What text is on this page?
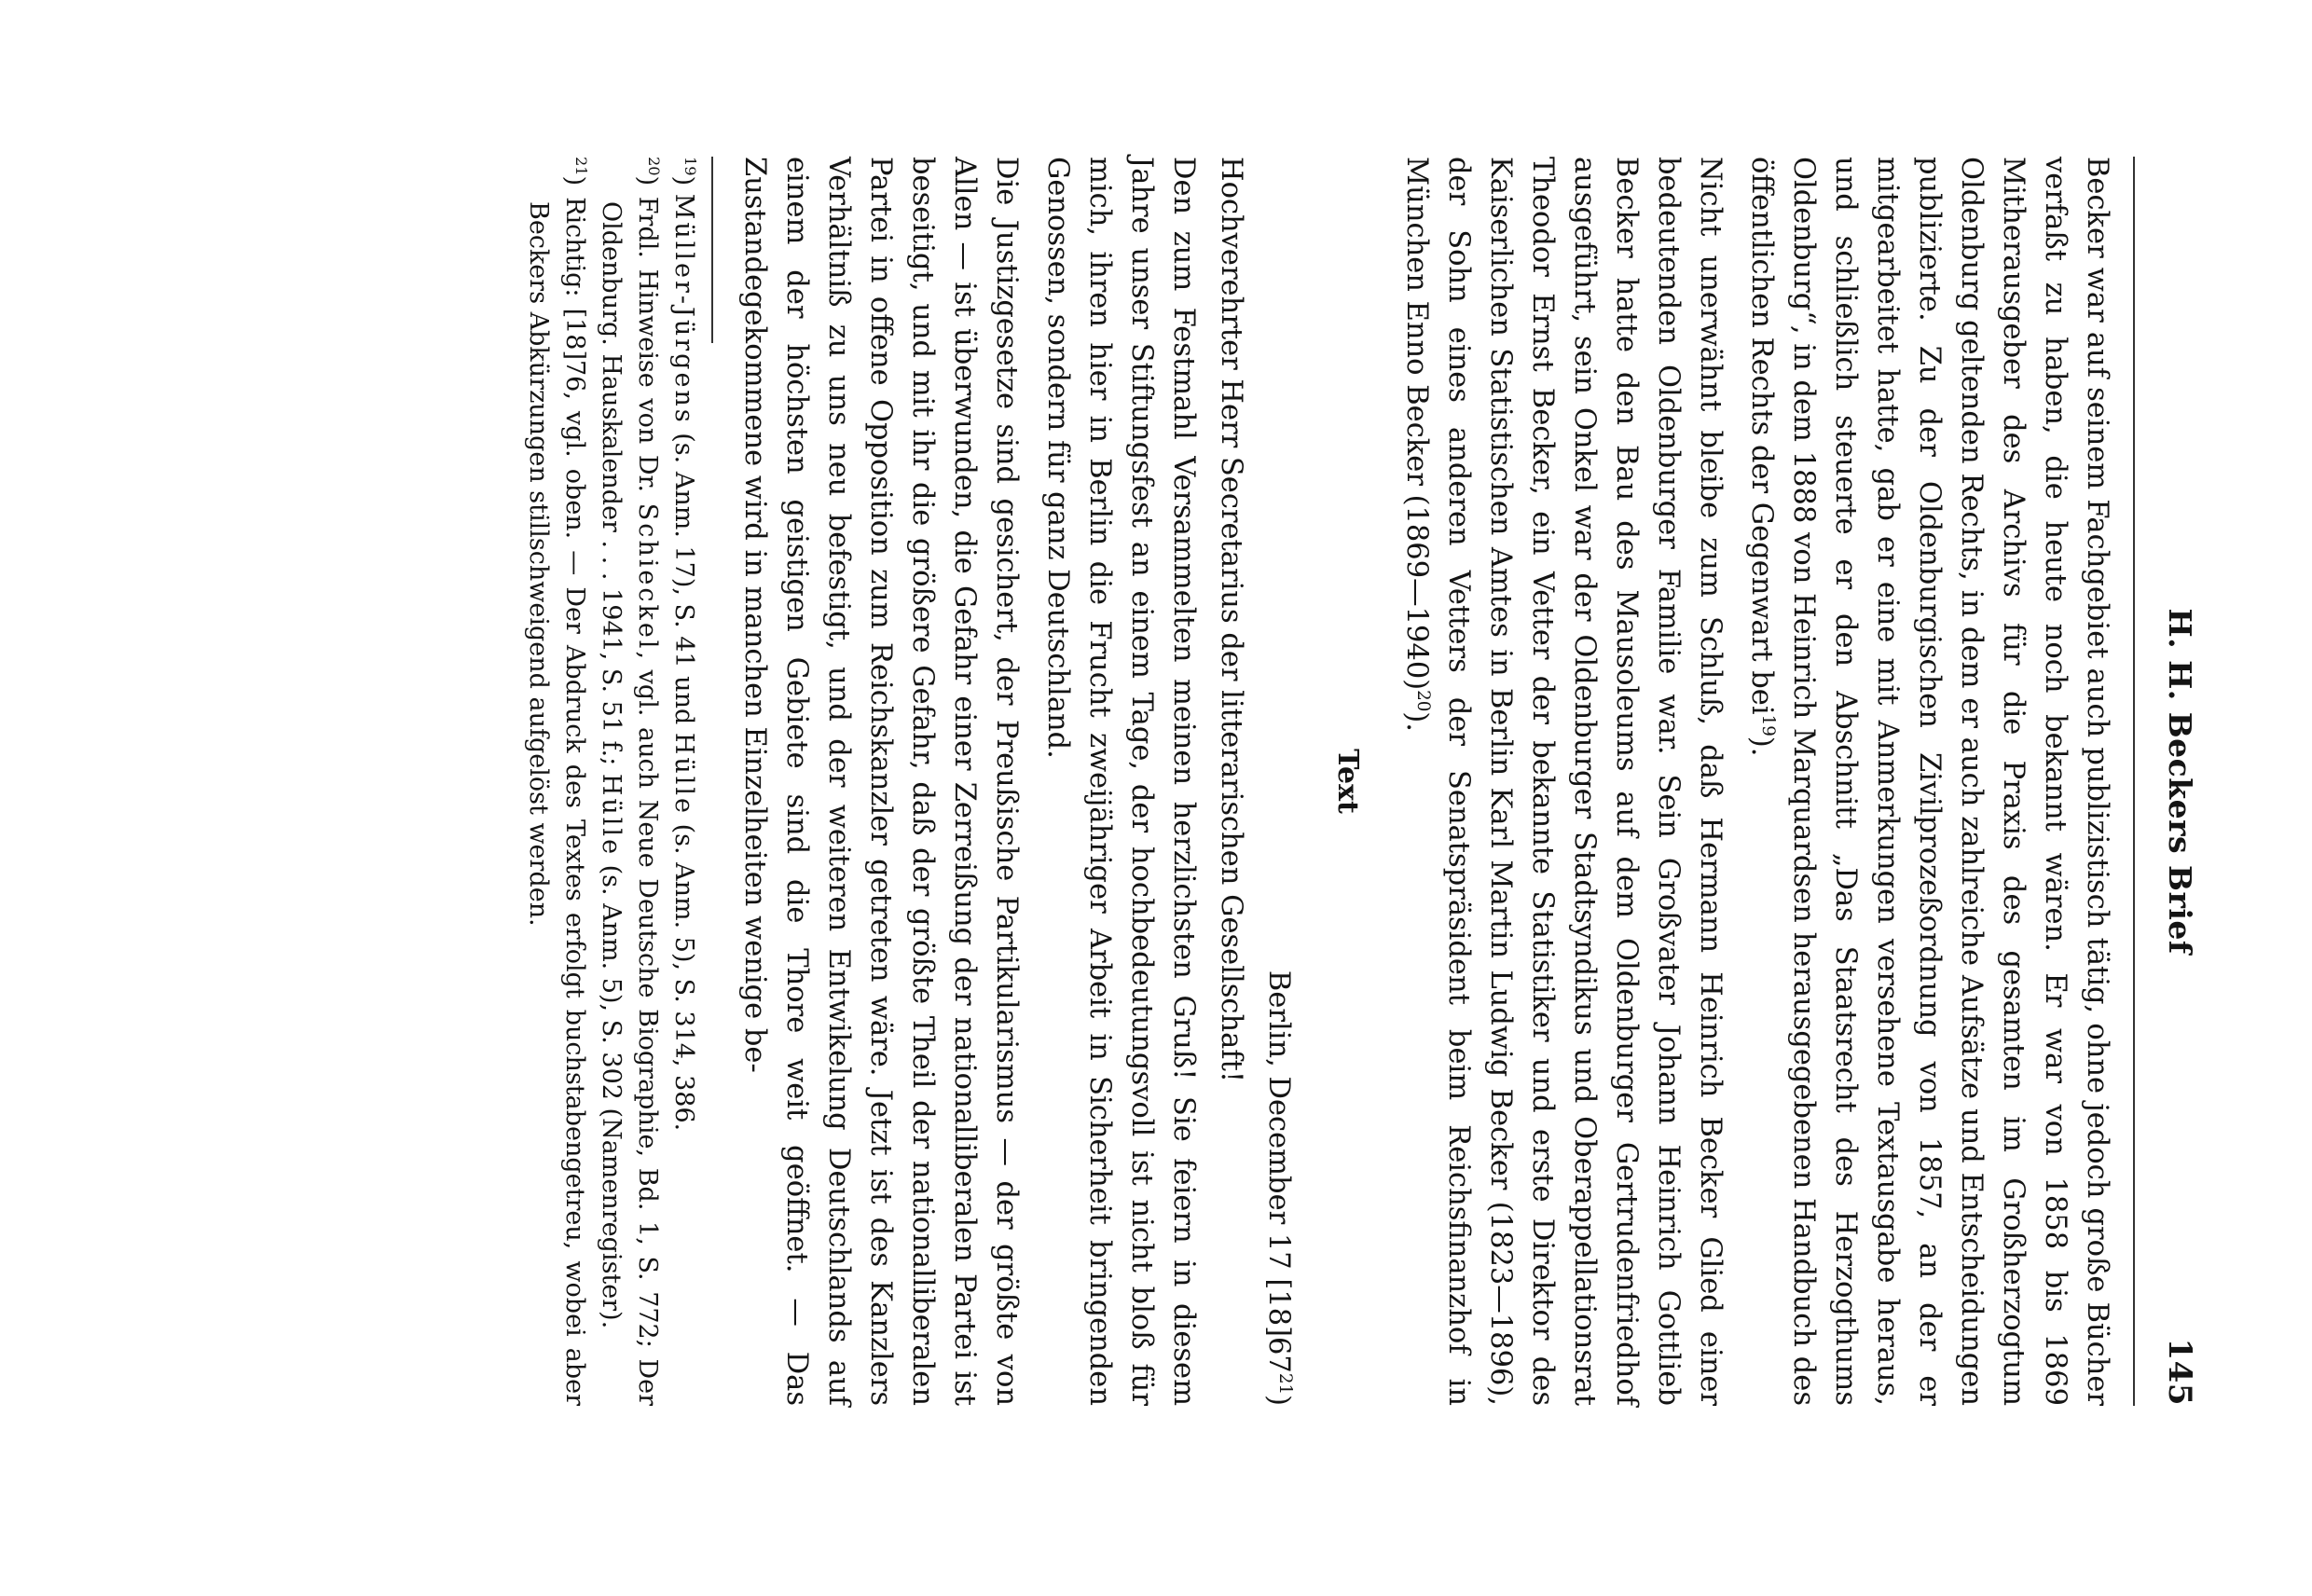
H. H. Beckers Brief
145

Becker war auf seinem Fachgebiet auch publizistisch tätig, ohne jedoch große Bücher verfaßt zu haben, die heute noch bekannt wären. Er war von 1858 bis 1869 Mitherausgeber des Archivs für die Praxis des gesamten im Großherzogtum Oldenburg geltenden Rechts, in dem er auch zahlreiche Aufsätze und Entscheidungen publizierte. Zu der Oldenburgischen Zivilprozeßordnung von 1857, an der er mitgearbeitet hatte, gab er eine mit Anmerkungen versehene Textausgabe heraus, und schließlich steuerte er den Abschnitt „Das Staatsrecht des Herzogthums Oldenburg“, in dem 1888 von Heinrich Marquardsen herausgegebenen Handbuch des öffentlichen Rechts der Gegenwart bei$^{19}$).

Nicht unerwähnt bleibe zum Schluß, daß Hermann Heinrich Becker Glied einer bedeutenden Oldenburger Familie war. Sein Großvater Johann Heinrich Gottlieb Becker hatte den Bau des Mausoleums auf dem Oldenburger Gertrudenfriedhof ausgeführt, sein Onkel war der Oldenburger Stadtsyndikus und Oberappellationsrat Theodor Ernst Becker, ein Vetter der bekannte Statistiker und erste Direktor des Kaiserlichen Statistischen Amtes in Berlin Karl Martin Ludwig Becker (1823—1896), der Sohn eines anderen Vetters der Senatspräsident beim Reichsfinanzhof in München Enno Becker (1869—1940)$^{20}$).

Text
Berlin, December 17 $[18]67^{21}$)
Hochverehrter Herr Secretarius der litterarischen Gesellschaft!

Den zum Festmahl Versammelten meinen herzlichsten Gruß! Sie feiern in diesem Jahre unser Stiftungsfest an einem Tage, der hochbedeutungsvoll ist nicht bloß für mich, ihren hier in Berlin die Frucht zweijähriger Arbeit in Sicherheit bringenden Genossen, sondern für ganz Deutschland.

Die Justizgesetze sind gesichert, der Preußische Partikularismus — der größte von Allen — ist überwunden, die Gefahr einer Zerreißung der nationalliberalen Partei ist beseitigt, und mit ihr die größere Gefahr, daß der größte Theil der nationalliberalen Partei in offene Opposition zum Reichskanzler getreten wäre. Jetzt ist des Kanzlers Verhältniß zu uns neu befestigt, und der weiteren Entwikelung Deutschlands auf einem der höchsten geistigen Gebiete sind die Thore weit geöffnet. — Das Zustandegekommene wird in manchen Einzelheiten wenige be-

$^{19}$) Müller-Jürgens (s. Anm. 17), S. 41 und Hülle (s. Anm. 5), S. 314, 386.

$^{20}$) Frdl. Hinweise von Dr. Schieckel, vgl. auch Neue Deutsche Biographie, Bd. 1, S. 772; Der Oldenburg. Hauskalender . . . 1941, S. 51 f.; Hülle (s. Anm. 5), S. 302 (Namenregister).

$^{21}$) Richtig: [18]76, vgl. oben. — Der Abdruck des Textes erfolgt buchstabengetreu, wobei aber Beckers Abkürzungen stillschweigend aufgelöst werden.
